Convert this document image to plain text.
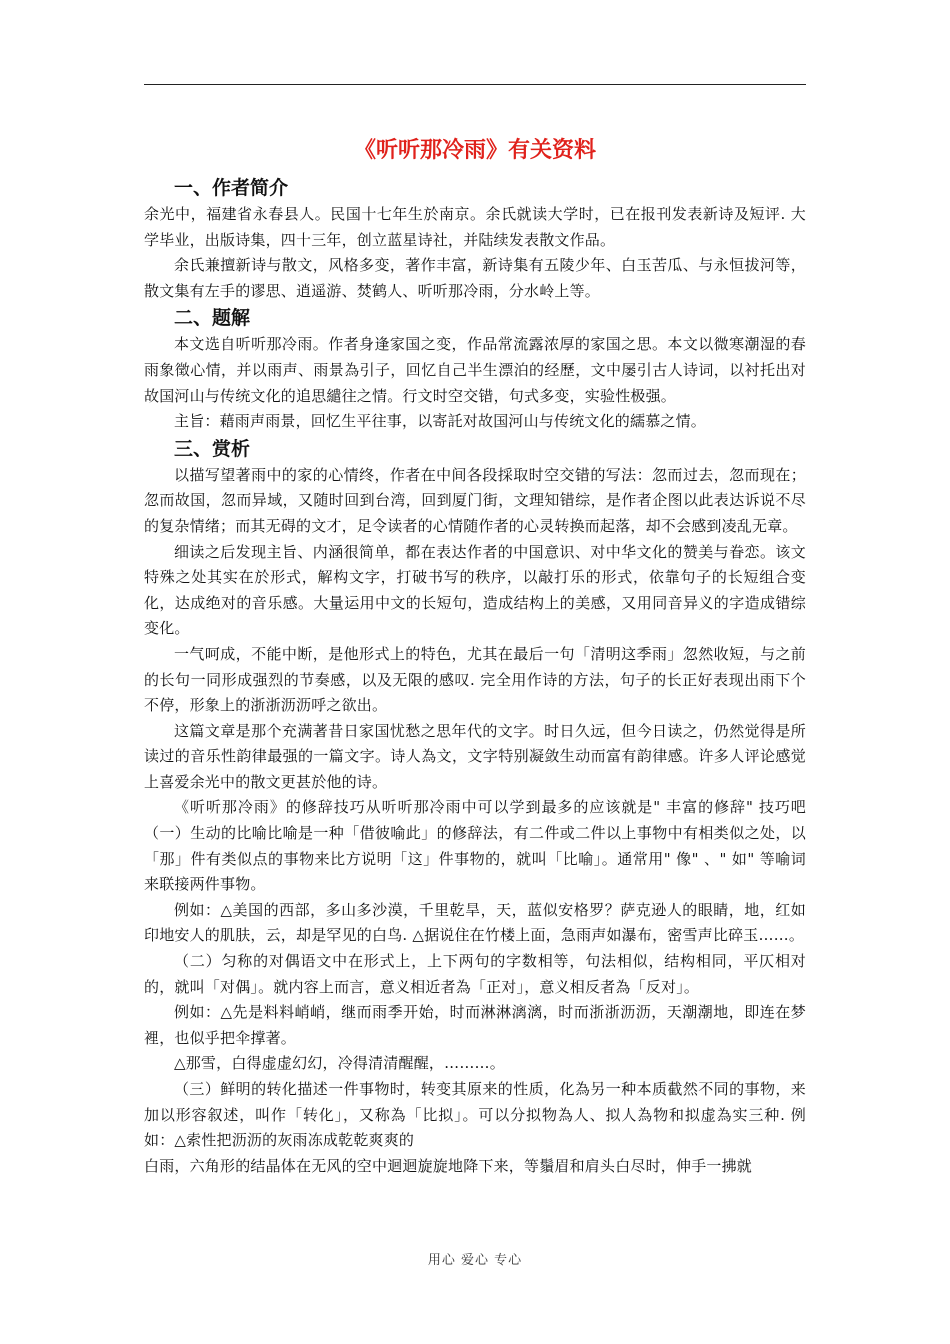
《听听那冷雨》有关资料
一、作者简介

余光中，福建省永春县人。民国十七年生於南京。余氏就读大学时，已在报刊发表新诗及短评. 大学毕业，出版诗集，四十三年，创立蓝星诗社，并陆续发表散文作品。

余氏兼擅新诗与散文，风格多变，著作丰富，新诗集有五陵少年、白玉苦瓜、与永恒拔河等，散文集有左手的谬思、逍遥游、焚鹤人、听听那冷雨，分水岭上等。

二、题解

本文选自听听那冷雨。作者身逢家国之变，作品常流露浓厚的家国之思。本文以微寒潮湿的春雨象徵心情，并以雨声、雨景為引子，回忆自己半生漂泊的经歷，文中屡引古人诗词，以衬托出对故国河山与传统文化的追思繾往之情。行文时空交错，句式多变，实验性极强。

主旨：藉雨声雨景，回忆生平往事，以寄託对故国河山与传统文化的繻慕之情。

三、赏析

以描写望著雨中的家的心情终，作者在中间各段採取时空交错的写法：忽而过去，忽而现在；忽而故国，忽而异域，又随时回到台湾，回到厦门街，文理知错综，是作者企图以此表达诉说不尽的复杂情绪；而其无碍的文才，足令读者的心情随作者的心灵转换而起落，却不会感到凌乱无章。

细读之后发现主旨、内涵很简单，都在表达作者的中国意识、对中华文化的赞美与眷恋。该文特殊之处其实在於形式，解构文字，打破书写的秩序，以敲打乐的形式，依靠句子的长短组合变化，达成绝对的音乐感。大量运用中文的长短句，造成结构上的美感，又用同音异义的字造成错综变化。

一气呵成，不能中断，是他形式上的特色，尤其在最后一句「清明这季雨」忽然收短，与之前的长句一同形成强烈的节奏感，以及无限的感叹. 完全用作诗的方法，句子的长正好表现出雨下个不停，形象上的浙浙沥沥呼之欲出。

这篇文章是那个充满著昔日家国忧愁之思年代的文字。时日久远，但今日读之，仍然觉得是所读过的音乐性韵律最强的一篇文字。诗人為文，文字特别凝敛生动而富有韵律感。许多人评论感觉上喜爱余光中的散文更甚於他的诗。

《听听那冷雨》的修辞技巧从听听那冷雨中可以学到最多的应该就是" 丰富的修辞" 技巧吧（一）生动的比喻比喻是一种「借彼喻此」的修辞法，有二件或二件以上事物中有相类似之处，以「那」件有类似点的事物来比方说明「这」件事物的，就叫「比喻」。通常用" 像" 、" 如" 等喻词来联接两件事物。

例如：△美国的西部，多山多沙漠，千里乾旱，天，蓝似安格罗？萨克逊人的眼睛，地，红如印地安人的肌肤，云，却是罕见的白鸟. △据说住在竹楼上面，急雨声如瀑布，密雪声比碎玉……。

（二）匀称的对偶语文中在形式上，上下两句的字数相等，句法相似，结构相同，平仄相对的，就叫「对偶」。就内容上而言，意义相近者為「正对」，意义相反者為「反对」。

例如：△先是料料峭峭，继而雨季开始，时而淋淋漓漓，时而浙浙沥沥，天潮潮地，即连在梦裡，也似乎把伞撑著。

△那雪，白得虚虚幻幻，冷得清清醒醒，………。

（三）鲜明的转化描述一件事物时，转变其原来的性质，化為另一种本质截然不同的事物，来加以形容叙述，叫作「转化」，又称為「比拟」。可以分拟物為人、拟人為物和拟虚為实三种. 例如：△索性把沥沥的灰雨冻成乾乾爽爽的

白雨，六角形的结晶体在无风的空中迴迴旋旋地降下来，等鬚眉和肩头白尽时，伸手一拂就

用心 爱心 专心
